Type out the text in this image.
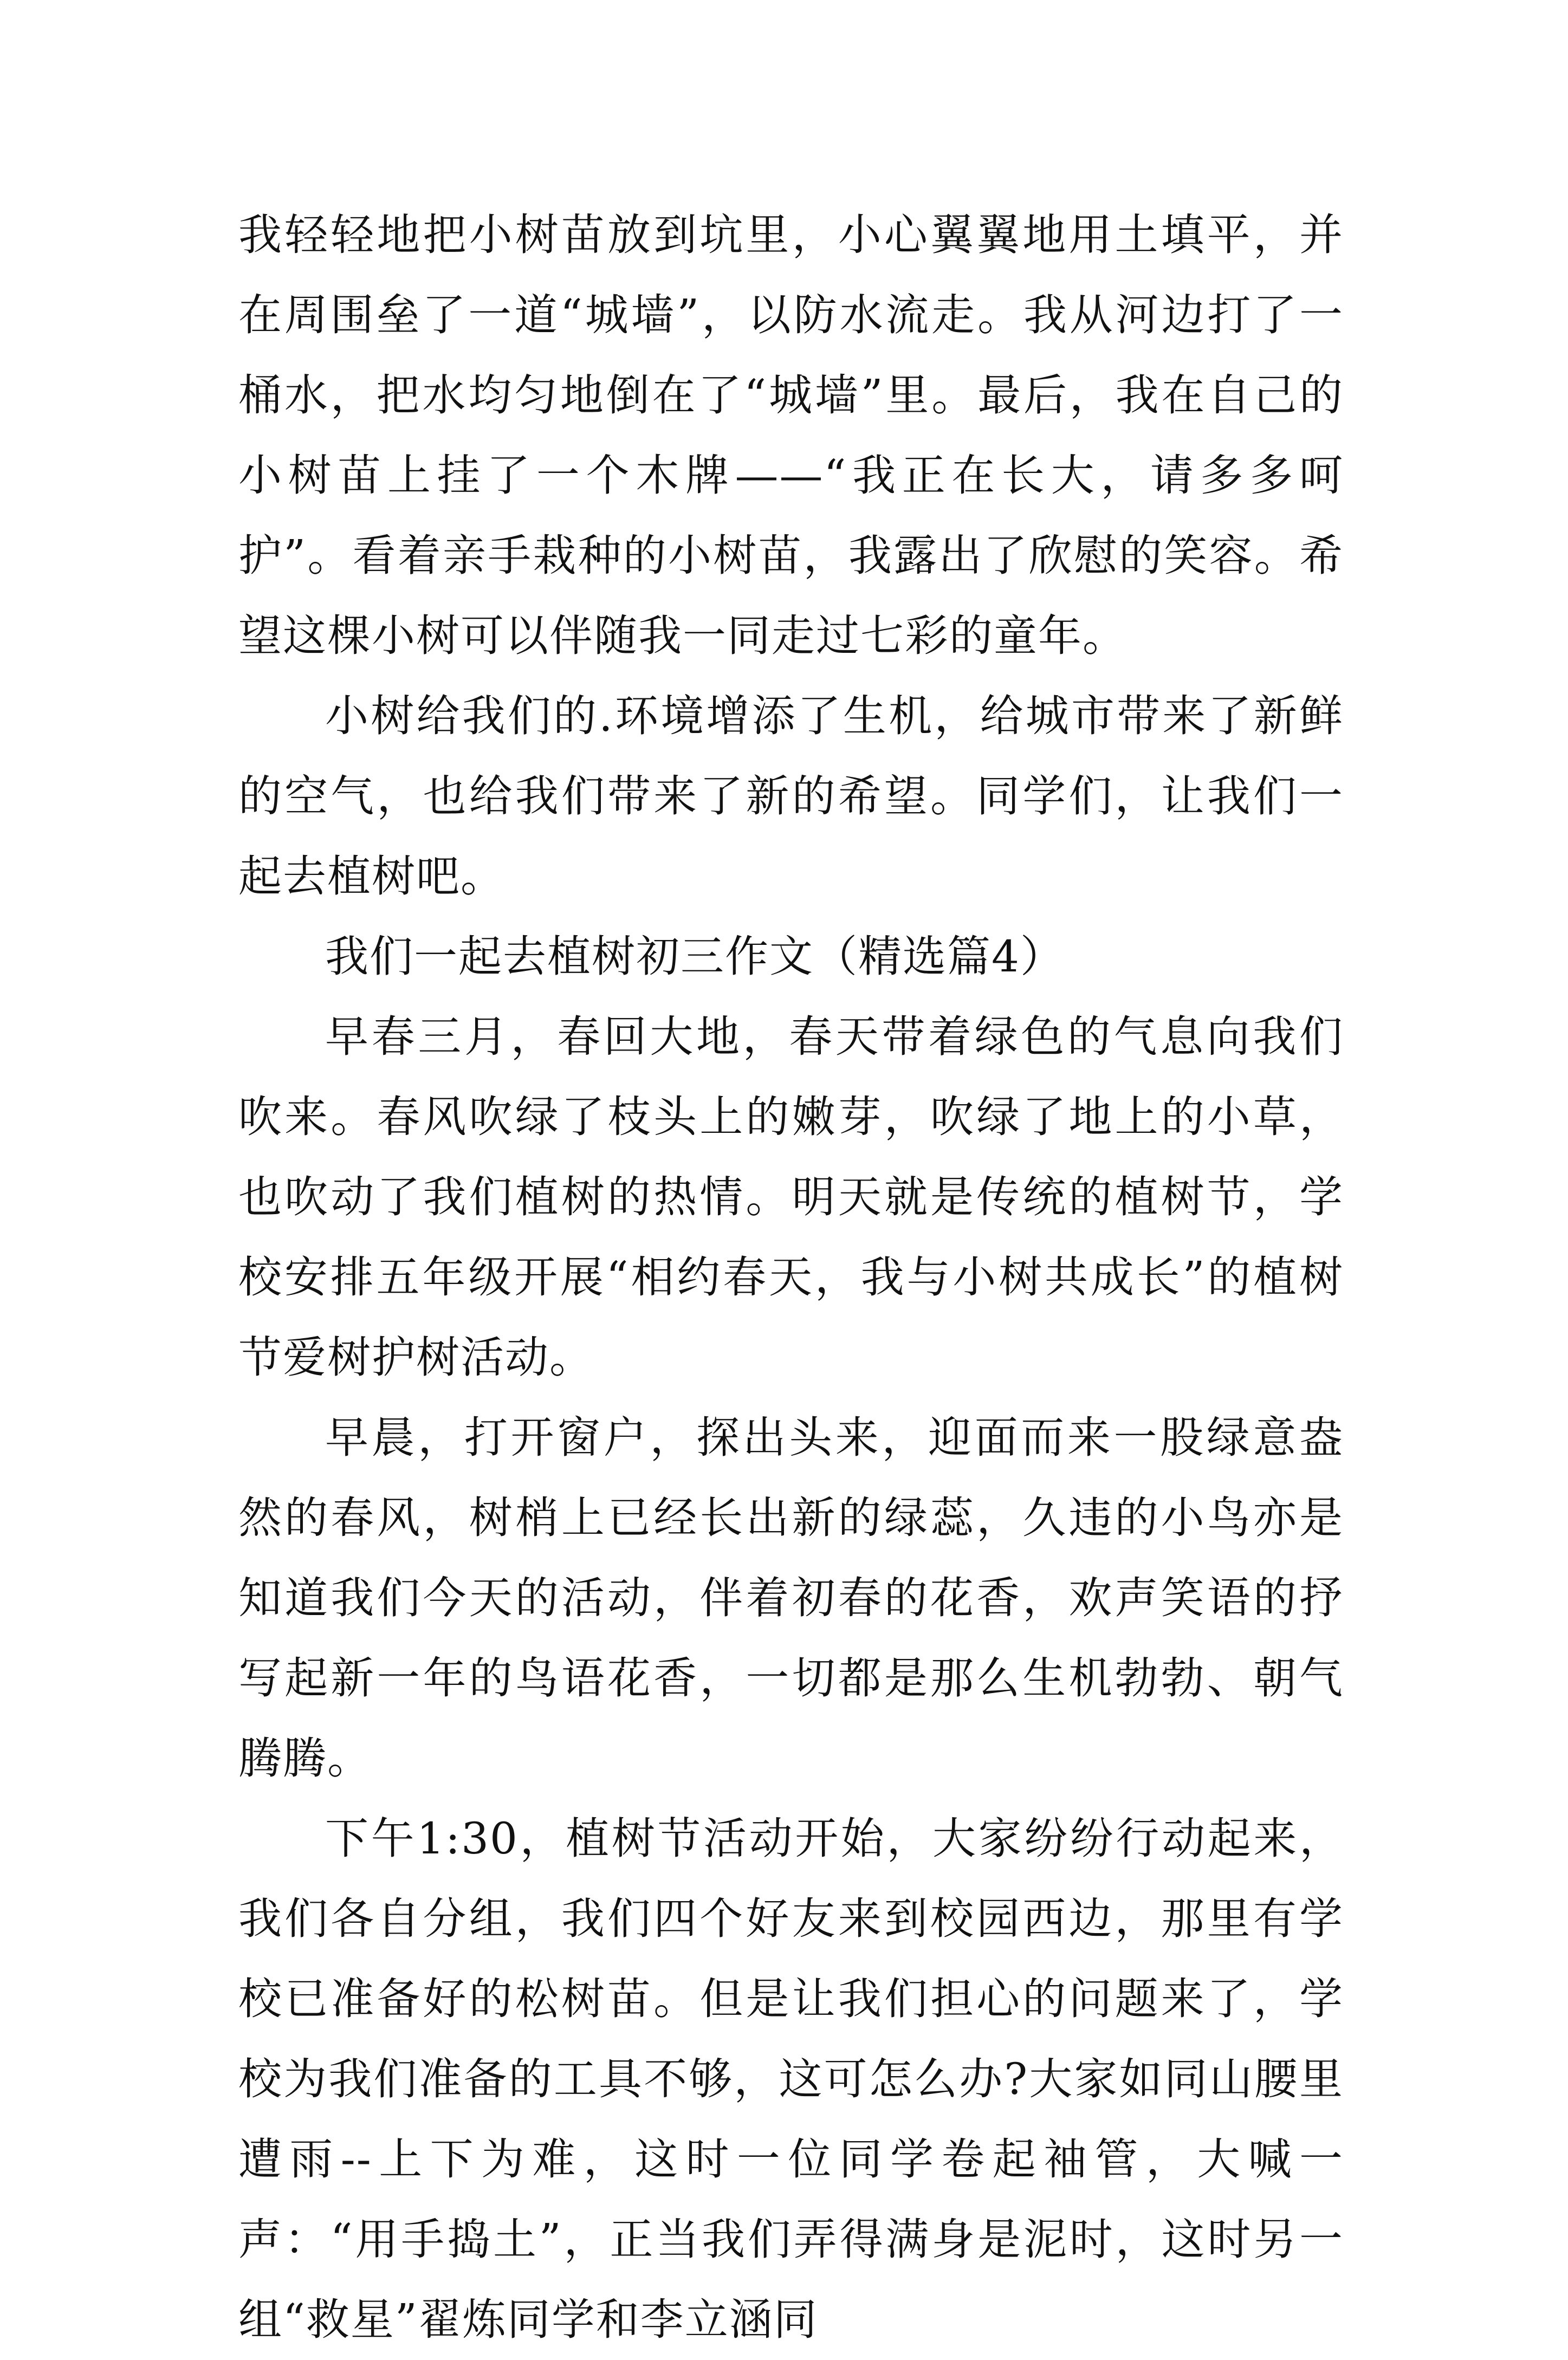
我轻轻地把小树苗放到坑里，小心翼翼地用土填平，并在周围垒了一道“城墙”，以防水流走。我从河边打了一桶水，把水均匀地倒在了“城墙”里。最后，我在自己的小树苗上挂了一个木牌——“我正在长大，请多多呵护”。看着亲手栽种的小树苗，我露出了欣慰的笑容。希望这棵小树可以伴随我一同走过七彩的童年。

小树给我们的.环境增添了生机，给城市带来了新鲜的空气，也给我们带来了新的希望。同学们，让我们一起去植树吧。

我们一起去植树初三作文（精选篇4）

早春三月，春回大地，春天带着绿色的气息向我们吹来。春风吹绿了枝头上的嫩芽，吹绿了地上的小草，也吹动了我们植树的热情。明天就是传统的植树节，学校安排五年级开展“相约春天，我与小树共成长”的植树节爱树护树活动。

早晨，打开窗户，探出头来，迎面而来一股绿意盎然的春风，树梢上已经长出新的绿蕊，久违的小鸟亦是知道我们今天的活动，伴着初春的花香，欢声笑语的抒写起新一年的鸟语花香，一切都是那么生机勃勃、朝气腾腾。

下午1:30，植树节活动开始，大家纷纷行动起来，我们各自分组，我们四个好友来到校园西边，那里有学校已准备好的松树苗。但是让我们担心的问题来了，学校为我们准备的工具不够，这可怎么办?大家如同山腰里遭雨--上下为难，这时一位同学卷起袖管，大喊一声：“用手捣土”，正当我们弄得满身是泥时，这时另一组“救星”翟炼同学和李立涵同
